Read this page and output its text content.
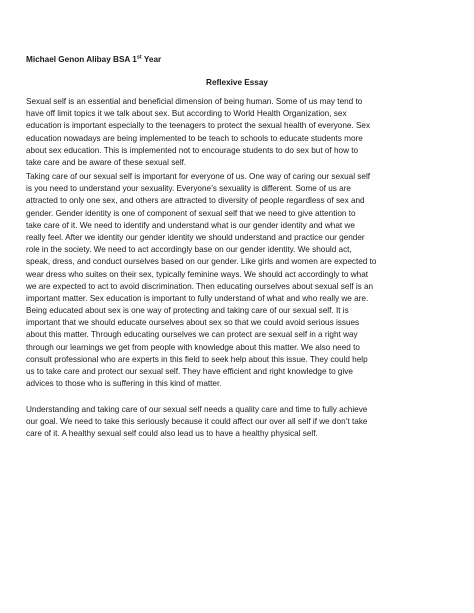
Michael Genon Alibay BSA 1st Year
Reflexive Essay
Sexual self is an essential and beneficial dimension of being human. Some of us may tend to
have off limit topics it we talk about sex. But according to World Health Organization, sex
education is important especially to the teenagers to protect the sexual health of everyone. Sex
education nowadays are being implemented to be teach to schools to educate students more
about sex education. This is implemented not to encourage students to do sex but of how to
take care and be aware of these sexual self.
Taking care of our sexual self is important for everyone of us. One way of caring our sexual self
is you need to understand your sexuality. Everyone’s sexuality is different. Some of us are
attracted to only one sex, and others are attracted to diversity of people regardless of sex and
gender. Gender identity is one of component of sexual self that we need to give attention to
take care of it. We need to identify and understand what is our gender identity and what we
really feel. After we identity our gender identity we should understand and practice our gender
role in the society. We need to act accordingly base on our gender identity. We should act,
speak, dress, and conduct ourselves based on our gender. Like girls and women are expected to
wear dress who suites on their sex, typically feminine ways. We should act accordingly to what
we are expected to act to avoid discrimination. Then educating ourselves about sexual self is an
important matter. Sex education is important to fully understand of what and who really we are.
Being educated about sex is one way of protecting and taking care of our sexual self. It is
important that we should educate ourselves about sex so that we could avoid serious issues
about this matter. Through educating ourselves we can protect are sexual self in a right way
through our learnings we get from people with knowledge about this matter. We also need to
consult professional who are experts in this field to seek help about this issue. They could help
us to take care and protect our sexual self. They have efficient and right knowledge to give
advices to those who is suffering in this kind of matter.
Understanding and taking care of our sexual self needs a quality care and time to fully achieve
our goal. We need to take this seriously because it could affect our over all self if we don’t take
care of it. A healthy sexual self could also lead us to have a healthy physical self.
